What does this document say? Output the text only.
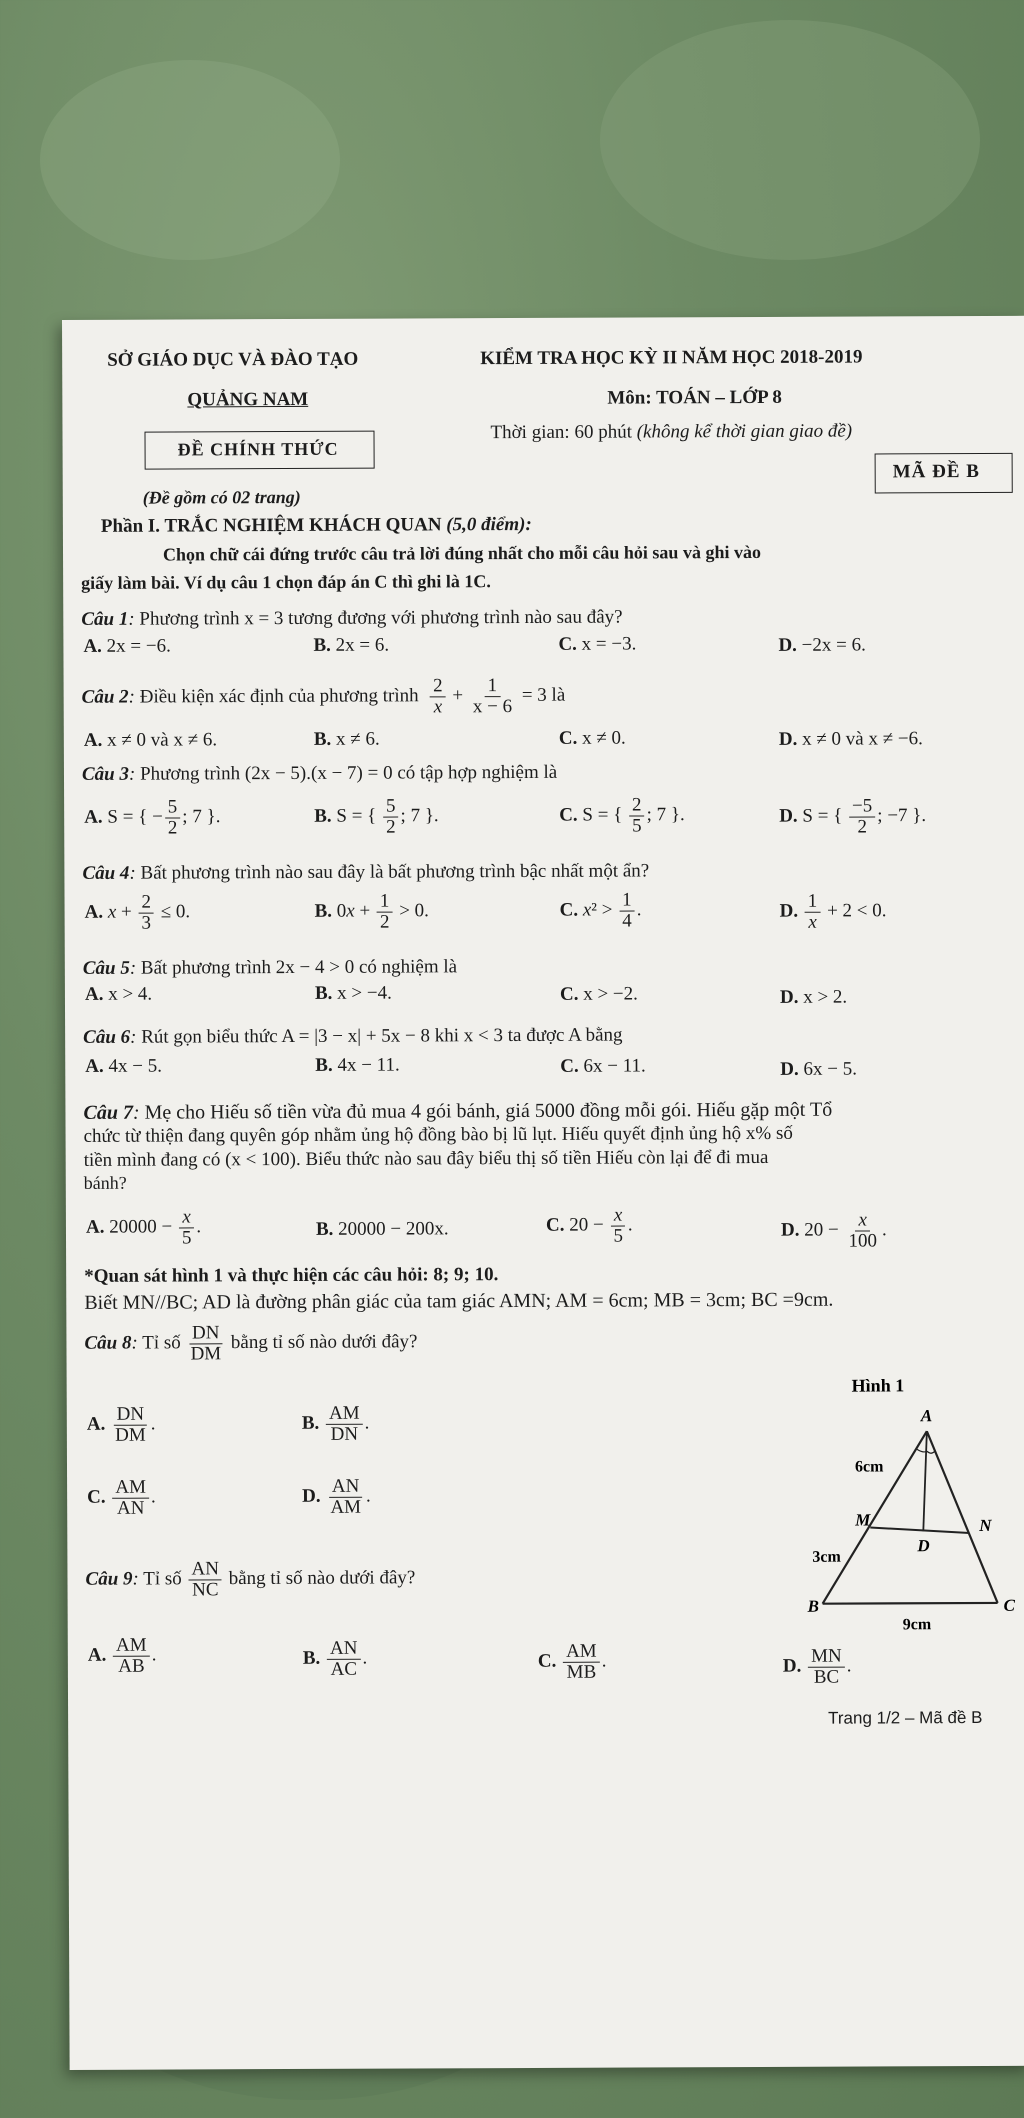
SỞ GIÁO DỤC VÀ ĐÀO TẠO
QUẢNG NAM
ĐỀ CHÍNH THỨC
(Đề gồm có 02 trang)
KIỂM TRA HỌC KỲ II NĂM HỌC 2018-2019
Môn: TOÁN – LỚP 8
Thời gian: 60 phút (không kể thời gian giao đề)
MÃ ĐỀ B
Phần I. TRẮC NGHIỆM KHÁCH QUAN (5,0 điểm):
Chọn chữ cái đứng trước câu trả lời đúng nhất cho mỗi câu hỏi sau và ghi vào
giấy làm bài. Ví dụ câu 1 chọn đáp án C thì ghi là 1C.
Câu 1: Phương trình x = 3 tương đương với phương trình nào sau đây?
A. 2x = −6.	B. 2x = 6.	C. x = −3.	D. −2x = 6.
Câu 2: Điều kiện xác định của phương trình $\frac{2}{x} + \frac{1}{x - 6} = 3$ là
A. x ≠ 0 và x ≠ 6.	B. x ≠ 6.	C. x ≠ 0.	D. x ≠ 0 và x ≠ −6.
Câu 3: Phương trình (2x − 5).(x − 7) = 0 có tập hợp nghiệm là
A. S = { − $\frac{5}{2}$ ; 7 }.	B. S = { $\frac{5}{2}$ ; 7 }.	C. S = { $\frac{2}{5}$ ; 7 }.	D. S = { $\frac{-5}{2}$ ; −7 }.
Câu 4: Bất phương trình nào sau đây là bất phương trình bậc nhất một ẩn?
A. $x + \frac{2}{3} \le 0$.	B. $0x + \frac{1}{2} > 0$.	C. $x^2 > \frac{1}{4}$ .	D. $\frac{1}{x} + 2 < 0$.
Câu 5: Bất phương trình 2x − 4 > 0 có nghiệm là
A. x > 4.	B. x > −4.	C. x > −2.	D. x > 2.
Câu 6: Rút gọn biểu thức A = |3 − x| + 5x − 8 khi x < 3 ta được A bằng
A. 4x − 5.	B. 4x − 11.	C. 6x − 11.	D. 6x − 5.
Câu 7: Mẹ cho Hiếu số tiền vừa đủ mua 4 gói bánh, giá 5000 đồng mỗi gói. Hiếu gặp một Tổ
chức từ thiện đang quyên góp nhằm ủng hộ đồng bào bị lũ lụt. Hiếu quyết định ủng hộ x% số
tiền mình đang có (x < 100). Biểu thức nào sau đây biểu thị số tiền Hiếu còn lại để đi mua
bánh?
A. $20000 - \frac{x}{5}$ .	B. 20000 − 200x.	C. $20 - \frac{x}{5}$ .	D. $20 - \frac{x}{100}$ .
*Quan sát hình 1 và thực hiện các câu hỏi: 8; 9; 10.
Biết MN//BC; AD là đường phân giác của tam giác AMN; AM = 6cm; MB = 3cm; BC =9cm.
Câu 8: Tỉ số $\frac{DN}{DM}$ bằng tỉ số nào dưới đây?
A. $\frac{DN}{DM}$ .	B. $\frac{AM}{DN}$ .
C. $\frac{AM}{AN}$ .	D. $\frac{AN}{AM}$ .
Câu 9: Tỉ số $\frac{AN}{NC}$ bằng tỉ số nào dưới đây?
A. $\frac{AM}{AB}$ .	B. $\frac{AN}{AC}$ .	C. $\frac{AM}{MB}$ .	D. $\frac{MN}{BC}$ .
Hình 1
A
M	N
B	C
D
6cm
3cm
9cm
Trang 1/2 – Mã đề B
